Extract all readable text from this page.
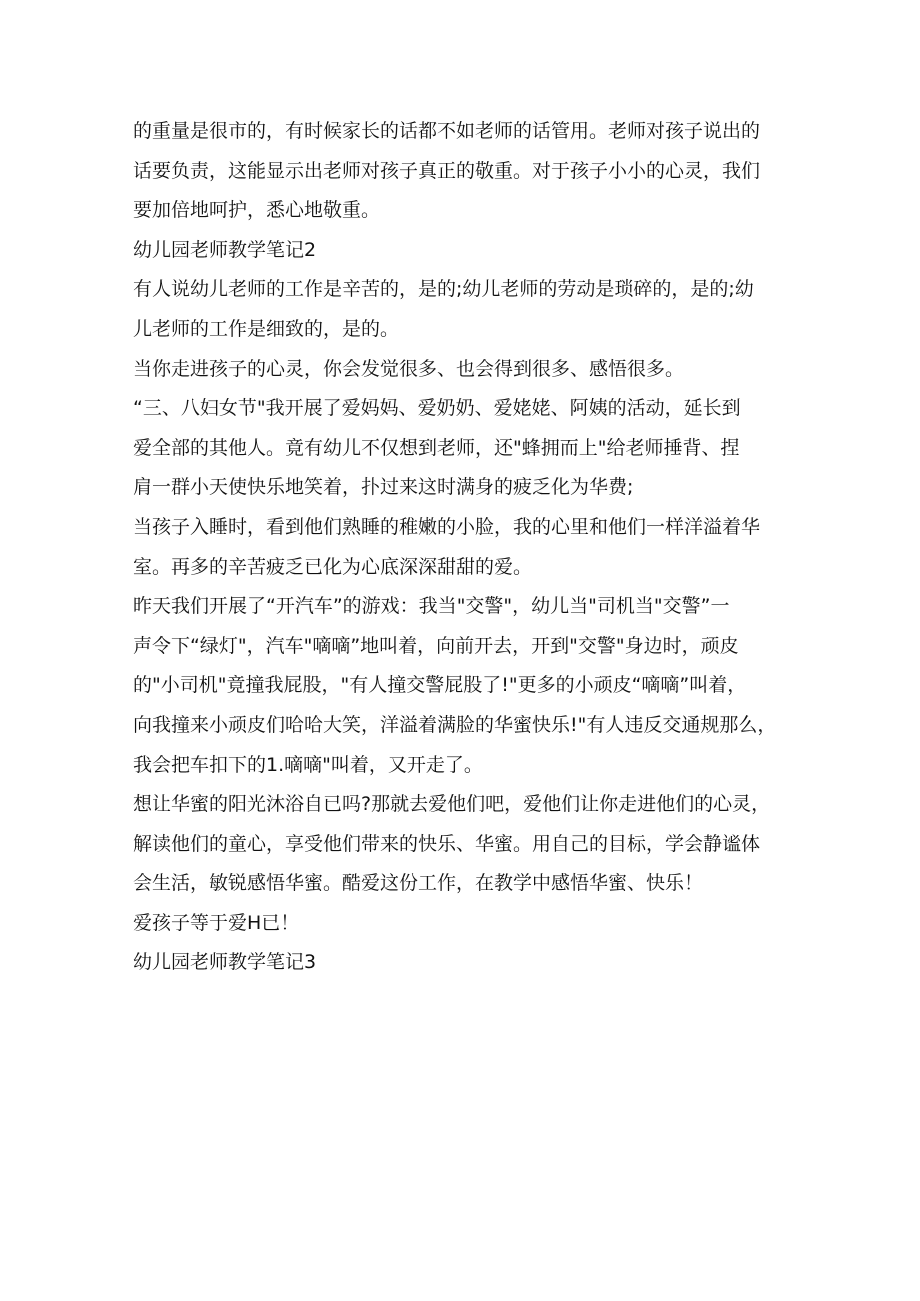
的重量是很市的，有时候家长的话都不如老师的话管用。老师对孩子说出的
话要负责，这能显示出老师对孩子真正的敬重。对于孩子小小的心灵，我们
要加倍地呵护，悉心地敬重。

幼儿园老师教学笔记2

有人说幼儿老师的工作是辛苦的，是的;幼儿老师的劳动是琐碎的，是的;幼
儿老师的工作是细致的，是的。

当你走进孩子的心灵，你会发觉很多、也会得到很多、感悟很多。

“三、八妇女节"我开展了爱妈妈、爱奶奶、爱姥姥、阿姨的活动，延长到
爱全部的其他人。竟有幼儿不仅想到老师，还"蜂拥而上"给老师捶背、捏
肩一群小天使快乐地笑着，扑过来这时满身的疲乏化为华费;

当孩子入睡时，看到他们熟睡的稚嫩的小脸，我的心里和他们一样洋溢着华
室。再多的辛苦疲乏已化为心底深深甜甜的爱。

昨天我们开展了“开汽车”的游戏：我当"交警"，幼儿当"司机当"交警”一
声令下“绿灯"，汽车"嘀嘀”地叫着，向前开去，开到"交警"身边时，顽皮
的"小司机"竟撞我屁股，"有人撞交警屁股了!"更多的小顽皮“嘀嘀”叫着，
向我撞来小顽皮们哈哈大笑，洋溢着满脸的华蜜快乐!"有人违反交通规那么，
我会把车扣下的1.嘀嘀"叫着，又开走了。

想让华蜜的阳光沐浴自已吗?那就去爱他们吧，爱他们让你走进他们的心灵，
解读他们的童心，享受他们带来的快乐、华蜜。用自己的目标，学会静谧体
会生活，敏锐感悟华蜜。酷爱这份工作，在教学中感悟华蜜、快乐！

爱孩子等于爱H已！

幼儿园老师教学笔记3
